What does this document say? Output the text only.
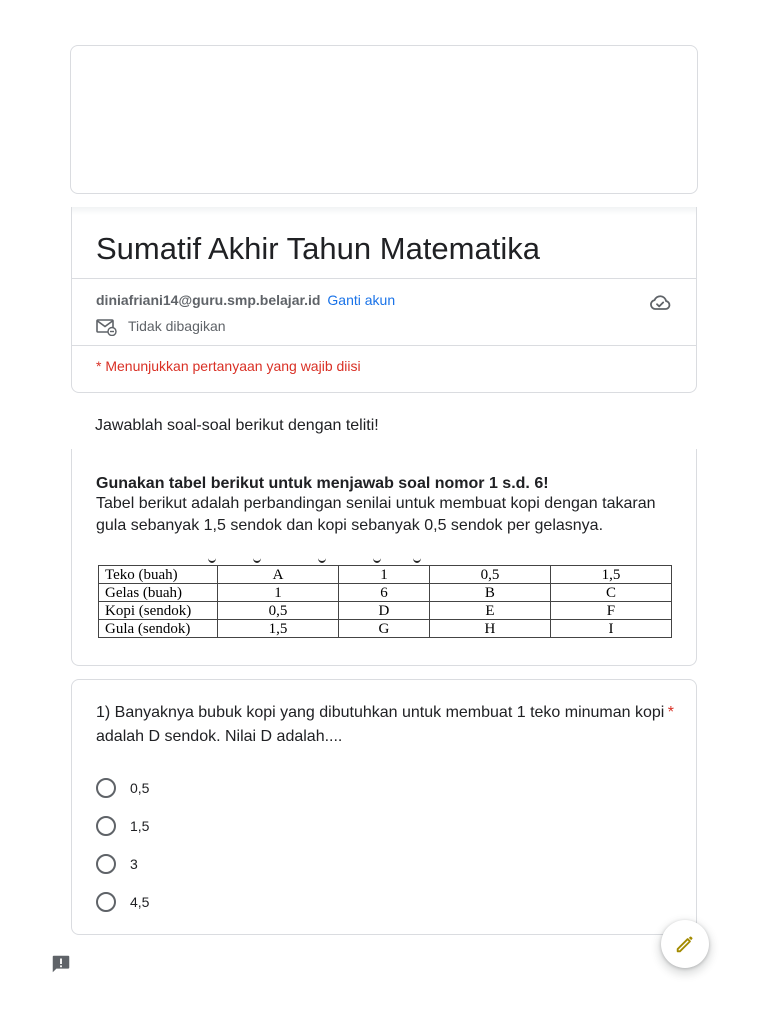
Sumatif Akhir Tahun Matematika
diniafriani14@guru.smp.belajar.id Ganti akun
Tidak dibagikan
* Menunjukkan pertanyaan yang wajib diisi
Jawablah soal-soal berikut dengan teliti!
Gunakan tabel berikut untuk menjawab soal nomor 1 s.d. 6!
Tabel berikut adalah perbandingan senilai untuk membuat kopi dengan takaran gula sebanyak 1,5 sendok dan kopi sebanyak 0,5 sendok per gelasnya.
Teko (buah)	A	1	0,5	1,5
Gelas (buah)	1	6	B	C
Kopi (sendok)	0,5	D	E	F
Gula (sendok)	1,5	G	H	I
1) Banyaknya bubuk kopi yang dibutuhkan untuk membuat 1 teko minuman kopi *
adalah D sendok. Nilai D adalah....
0,5
1,5
3
4,5
